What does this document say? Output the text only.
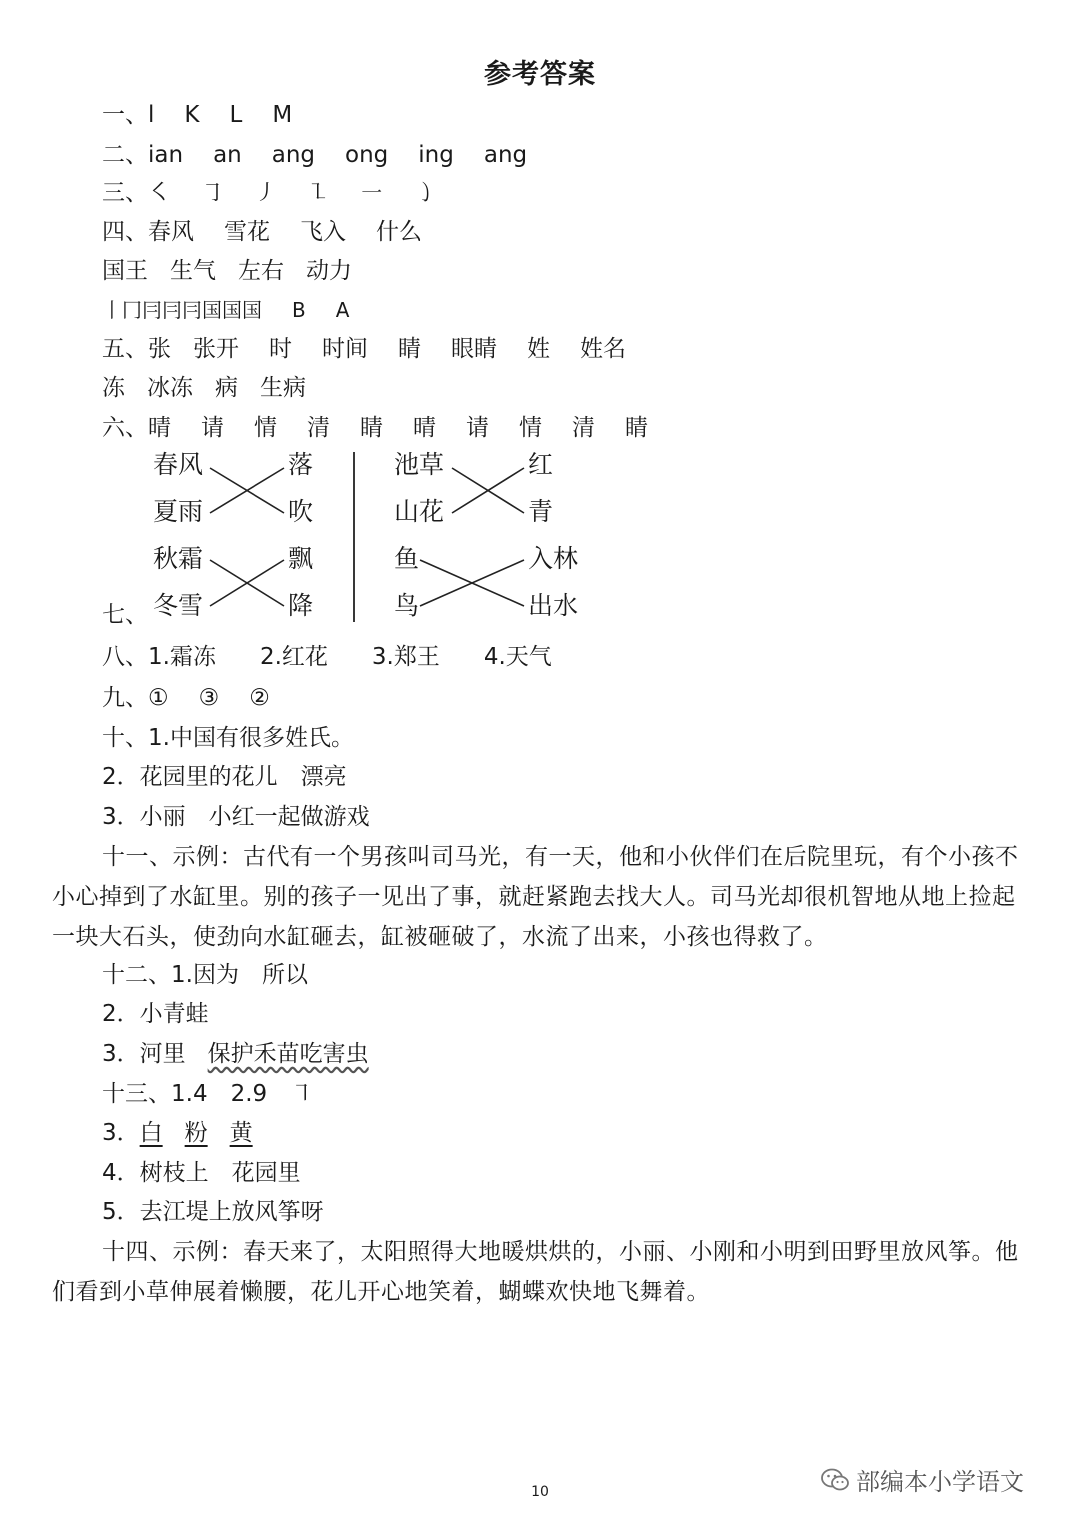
参考答案
一、l K L M
二、ian an ang ong ing ang
三、㇛ ㇆ ㇓ ㇅ ㇐ ㇁
四、春风 雪花 飞入 什么
国王 生气 左右 动力
丨冂冃冃冃国国国 B A
五、张 张开 时 时间 睛 眼睛 姓 姓名
冻 冰冻 病 生病
六、晴 请 情 清 睛 晴 请 情 清 睛
七、
春风
夏雨
秋霜
冬雪
落
吹
飘
降
池草
山花
鱼
鸟
红
青
入林
出水
八、1.霜冻 2.红花 3.郑王 4.天气
九、① ③ ②
十、1.中国有很多姓氏。
2．花园里的花儿　漂亮
3．小丽　小红一起做游戏
十一、示例：古代有一个男孩叫司马光，有一天，他和小伙伴们在后院里玩，有个小孩不小心掉到了水缸里。别的孩子一见出了事，就赶紧跑去找大人。司马光却很机智地从地上捡起一块大石头，使劲向水缸砸去，缸被砸破了，水流了出来，小孩也得救了。
十二、1.因为　所以
2．小青蛙
3．河里 保护禾苗吃害虫
十三、1.4　2.9　㇕
3．白 粉 黄
4．树枝上　花园里
5．去江堤上放风筝呀
十四、示例：春天来了，太阳照得大地暖烘烘的，小丽、小刚和小明到田野里放风筝。他们看到小草伸展着懒腰，花儿开心地笑着，蝴蝶欢快地飞舞着。
10	部编本小学语文
